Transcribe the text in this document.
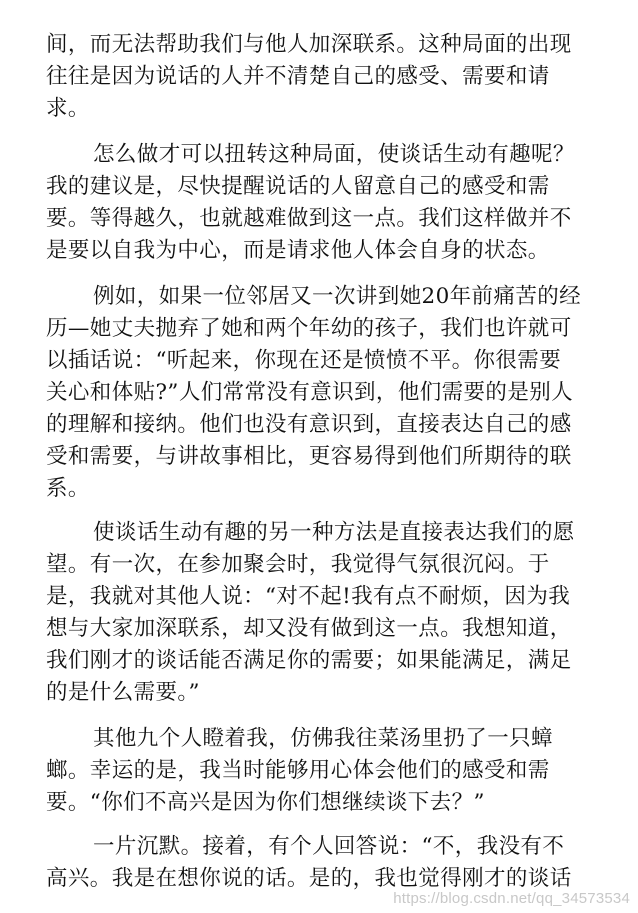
间，而无法帮助我们与他人加深联系。这种局面的出现
往往是因为说话的人并不清楚自己的感受、需要和请
求。
怎么做才可以扭转这种局面，使谈话生动有趣呢？
我的建议是，尽快提醒说话的人留意自己的感受和需
要。等得越久，也就越难做到这一点。我们这样做并不
是要以自我为中心，而是请求他人体会自身的状态。
例如，如果一位邻居又一次讲到她20年前痛苦的经
历—她丈夫抛弃了她和两个年幼的孩子，我们也许就可
以插话说：“听起来，你现在还是愤愤不平。你很需要
关心和体贴?”人们常常没有意识到，他们需要的是别人
的理解和接纳。他们也没有意识到，直接表达自己的感
受和需要，与讲故事相比，更容易得到他们所期待的联
系。
使谈话生动有趣的另一种方法是直接表达我们的愿
望。有一次，在参加聚会时，我觉得气氛很沉闷。于
是，我就对其他人说：“对不起!我有点不耐烦，因为我
想与大家加深联系，却又没有做到这一点。我想知道，
我们刚才的谈话能否满足你的需要；如果能满足，满足
的是什么需要。”
其他九个人瞪着我，仿佛我往菜汤里扔了一只蟑
螂。幸运的是，我当时能够用心体会他们的感受和需
要。“你们不高兴是因为你们想继续谈下去？”
一片沉默。接着，有个人回答说：“不，我没有不
高兴。我是在想你说的话。是的，我也觉得刚才的谈话
https://blog.csdn.net/qq_34573534
